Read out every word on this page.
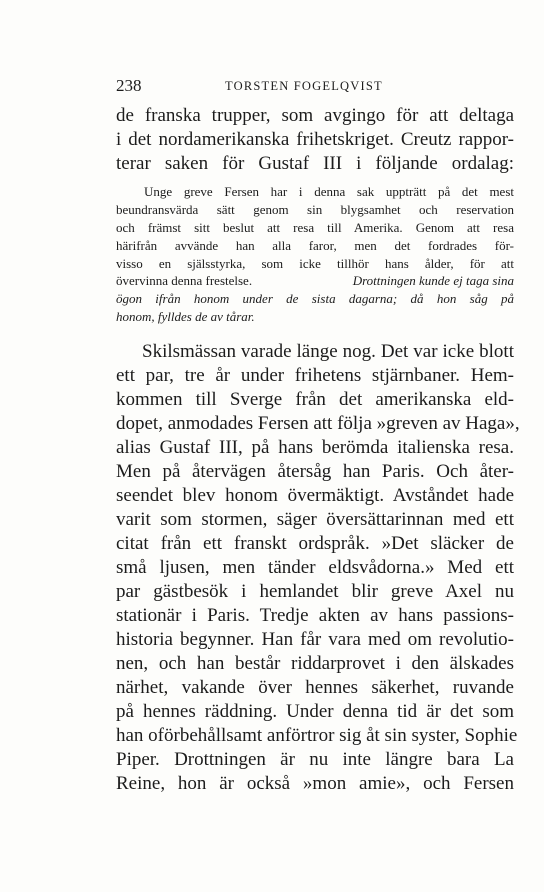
238	TORSTEN FOGELQVIST
de franska trupper, som avgingo för att deltaga
i det nordamerikanska frihetskriget. Creutz rappor-
terar saken för Gustaf III i följande ordalag:
Unge greve Fersen har i denna sak uppträtt på det mest
beundransvärda sätt genom sin blygsamhet och reservation
och främst sitt beslut att resa till Amerika. Genom att resa
härifrån avvände han alla faror, men det fordrades för-
visso en själsstyrka, som icke tillhör hans ålder, för att
övervinna denna frestelse.	Drottningen kunde ej taga sina
ögon ifrån honom under de sista dagarna; då hon såg på
honom, fylldes de av tårar.
Skilsmässan varade länge nog. Det var icke blott
ett par, tre år under frihetens stjärnbaner. Hem-
kommen till Sverge från det amerikanska eld-
dopet, anmodades Fersen att följa »greven av Haga»,
alias Gustaf III, på hans berömda italienska resa.
Men på återvägen återsåg han Paris. Och åter-
seendet blev honom övermäktigt. Avståndet hade
varit som stormen, säger översättarinnan med ett
citat från ett franskt ordspråk. »Det släcker de
små ljusen, men tänder eldsvådorna.» Med ett
par gästbesök i hemlandet blir greve Axel nu
stationär i Paris. Tredje akten av hans passions-
historia begynner. Han får vara med om revolutio-
nen, och han består riddarprovet i den älskades
närhet, vakande över hennes säkerhet, ruvande
på hennes räddning. Under denna tid är det som
han oförbehållsamt anförtror sig åt sin syster, Sophie
Piper. Drottningen är nu inte längre bara La
Reine, hon är också »mon amie», och Fersen
